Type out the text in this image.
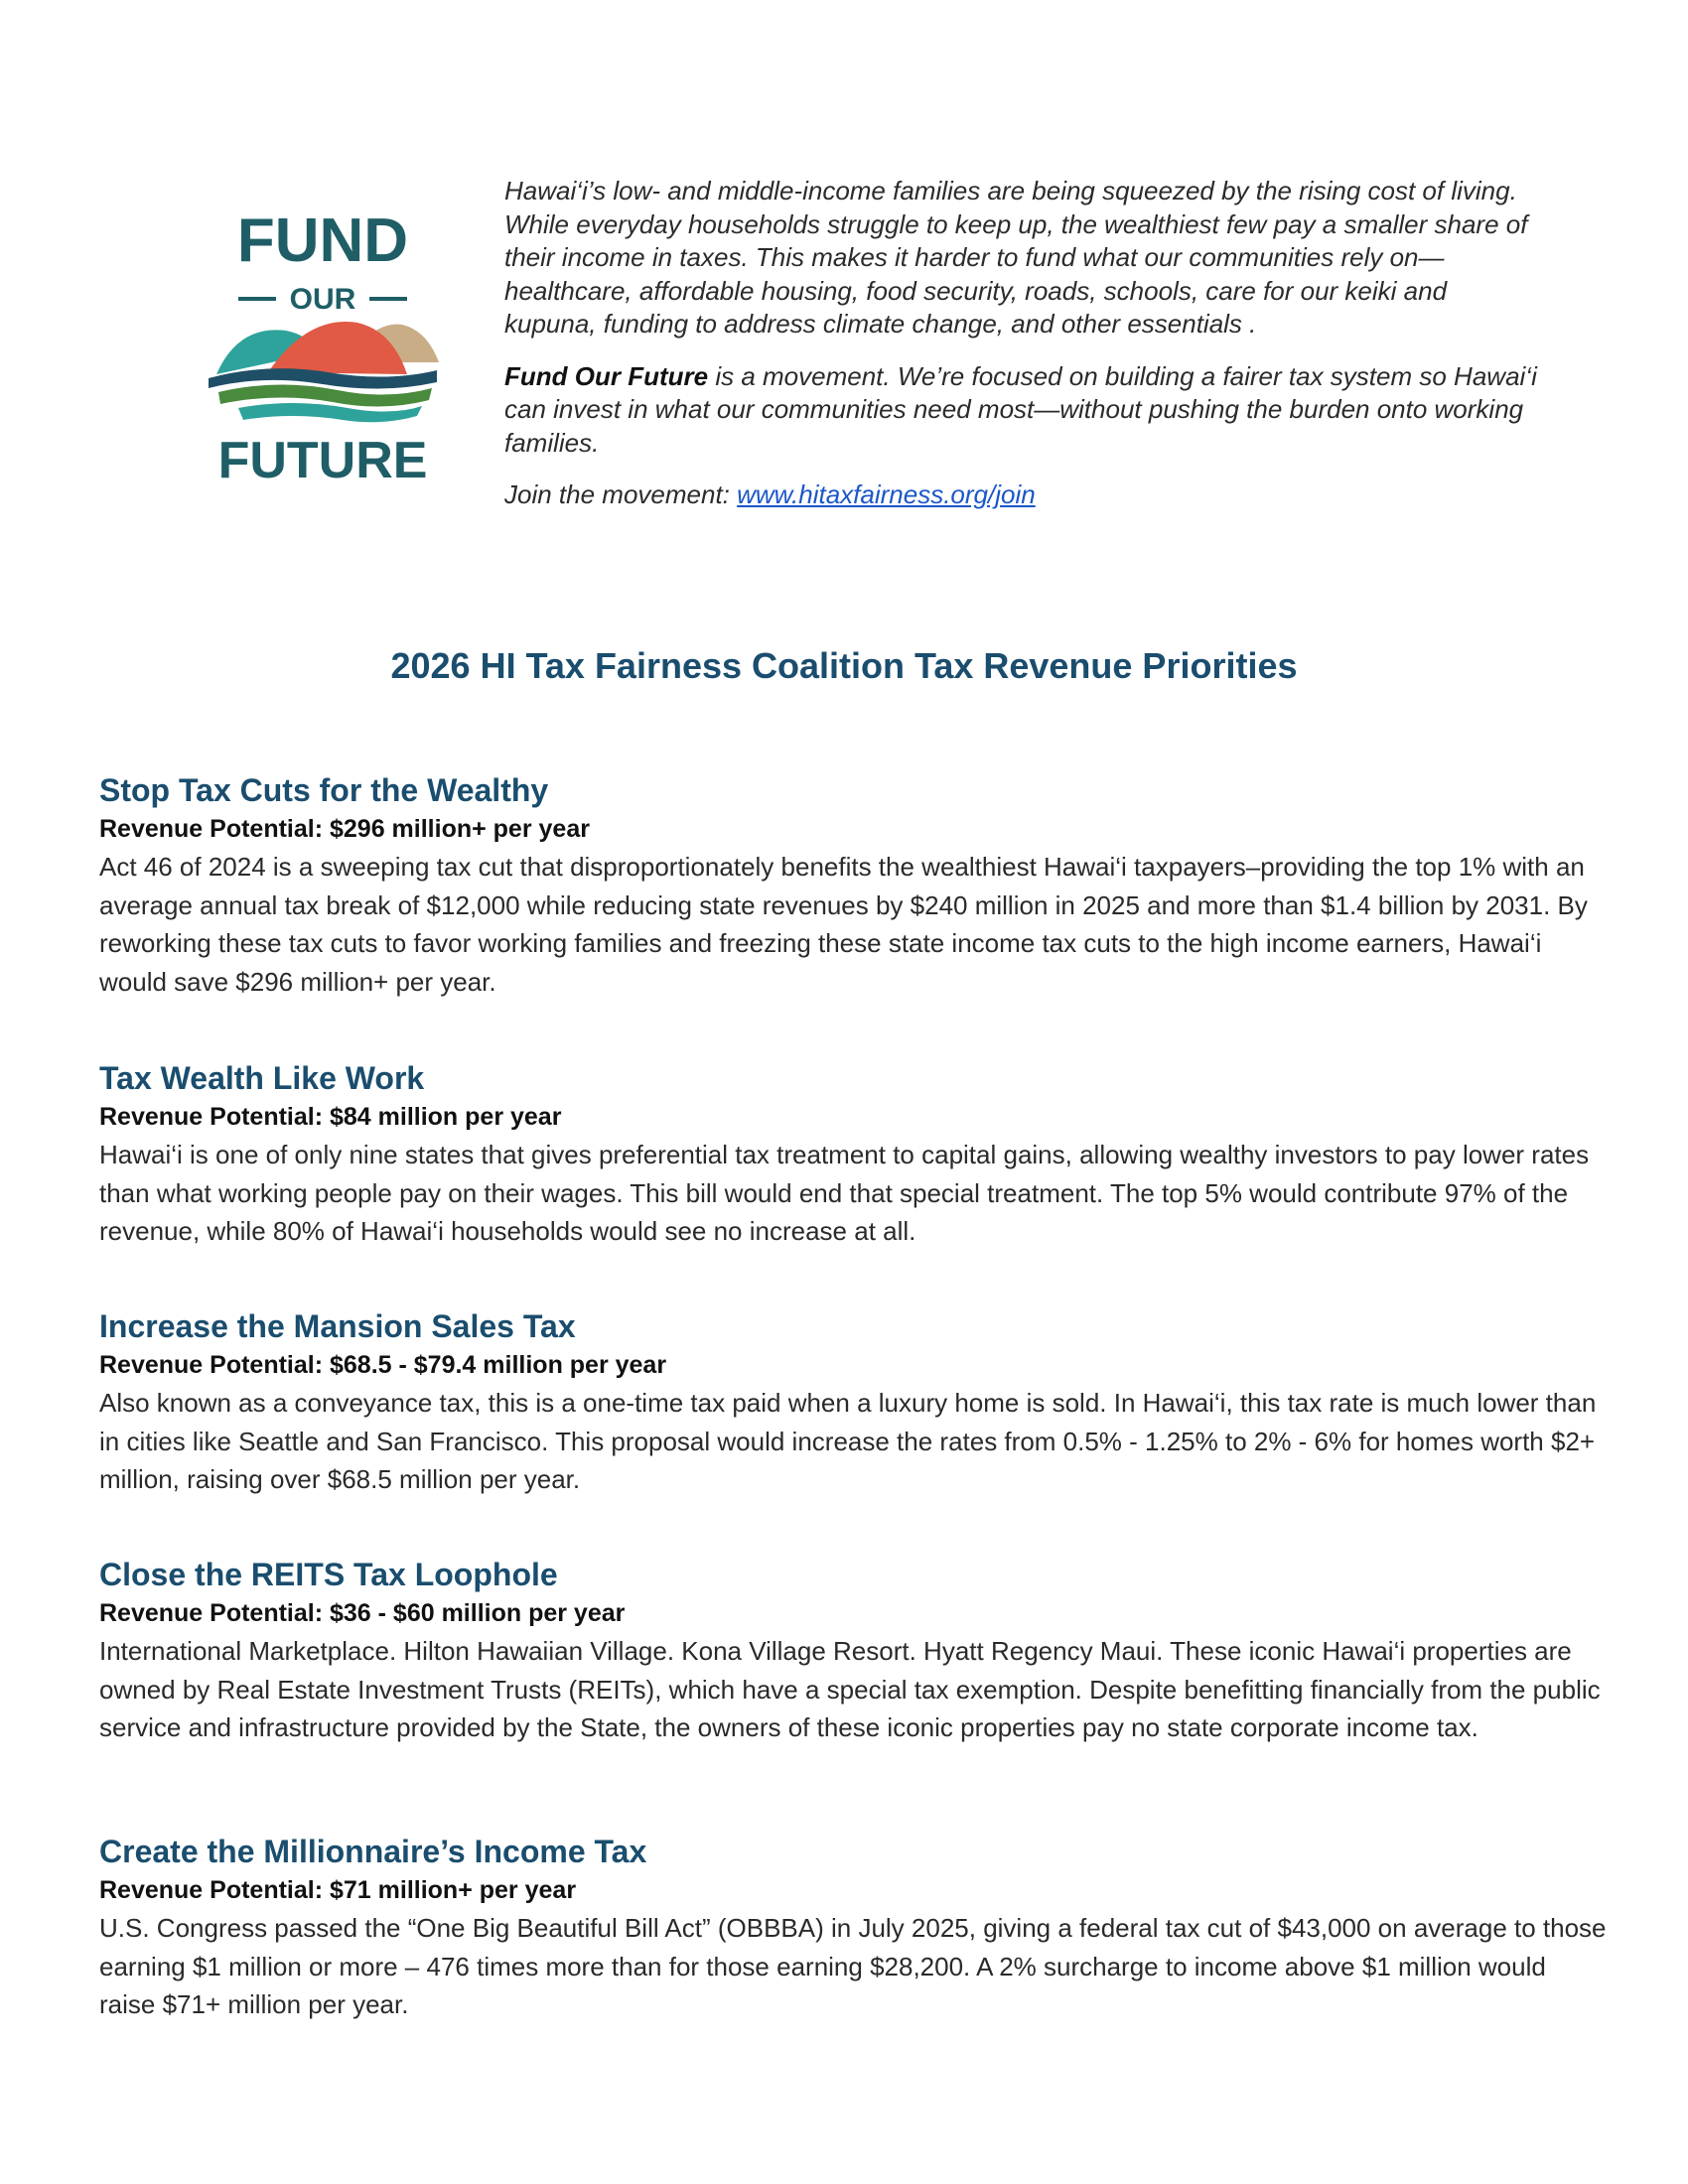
FUND
OUR
FUTURE

Hawai‘i’s low- and middle-income families are being squeezed by the rising cost of living. While everyday households struggle to keep up, the wealthiest few pay a smaller share of their income in taxes. This makes it harder to fund what our communities rely on—healthcare, affordable housing, food security, roads, schools, care for our keiki and kupuna, funding to address climate change, and other essentials .

Fund Our Future is a movement. We’re focused on building a fairer tax system so Hawai‘i can invest in what our communities need most—without pushing the burden onto working families.

Join the movement: www.hitaxfairness.org/join

2026 HI Tax Fairness Coalition Tax Revenue Priorities
Stop Tax Cuts for the Wealthy

Revenue Potential: $296 million+ per year

Act 46 of 2024 is a sweeping tax cut that disproportionately benefits the wealthiest Hawai‘i taxpayers–providing the top 1% with an average annual tax break of $12,000 while reducing state revenues by $240 million in 2025 and more than $1.4 billion by 2031. By reworking these tax cuts to favor working families and freezing these state income tax cuts to the high income earners, Hawai‘i would save $296 million+ per year.

Tax Wealth Like Work

Revenue Potential: $84 million per year

Hawai‘i is one of only nine states that gives preferential tax treatment to capital gains, allowing wealthy investors to pay lower rates than what working people pay on their wages. This bill would end that special treatment. The top 5% would contribute 97% of the revenue, while 80% of Hawai‘i households would see no increase at all.

Increase the Mansion Sales Tax

Revenue Potential: $68.5 - $79.4 million per year

Also known as a conveyance tax, this is a one-time tax paid when a luxury home is sold. In Hawai‘i, this tax rate is much lower than in cities like Seattle and San Francisco. This proposal would increase the rates from 0.5% - 1.25% to 2% - 6% for homes worth $2+ million, raising over $68.5 million per year.

Close the REITS Tax Loophole

Revenue Potential: $36 - $60 million per year

International Marketplace. Hilton Hawaiian Village. Kona Village Resort. Hyatt Regency Maui. These iconic Hawai‘i properties are owned by Real Estate Investment Trusts (REITs), which have a special tax exemption. Despite benefitting financially from the public service and infrastructure provided by the State, the owners of these iconic properties pay no state corporate income tax.

Create the Millionnaire’s Income Tax

Revenue Potential: $71 million+ per year

U.S. Congress passed the “One Big Beautiful Bill Act” (OBBBA) in July 2025, giving a federal tax cut of $43,000 on average to those earning $1 million or more – 476 times more than for those earning $28,200. A 2% surcharge to income above $1 million would raise $71+ million per year.
